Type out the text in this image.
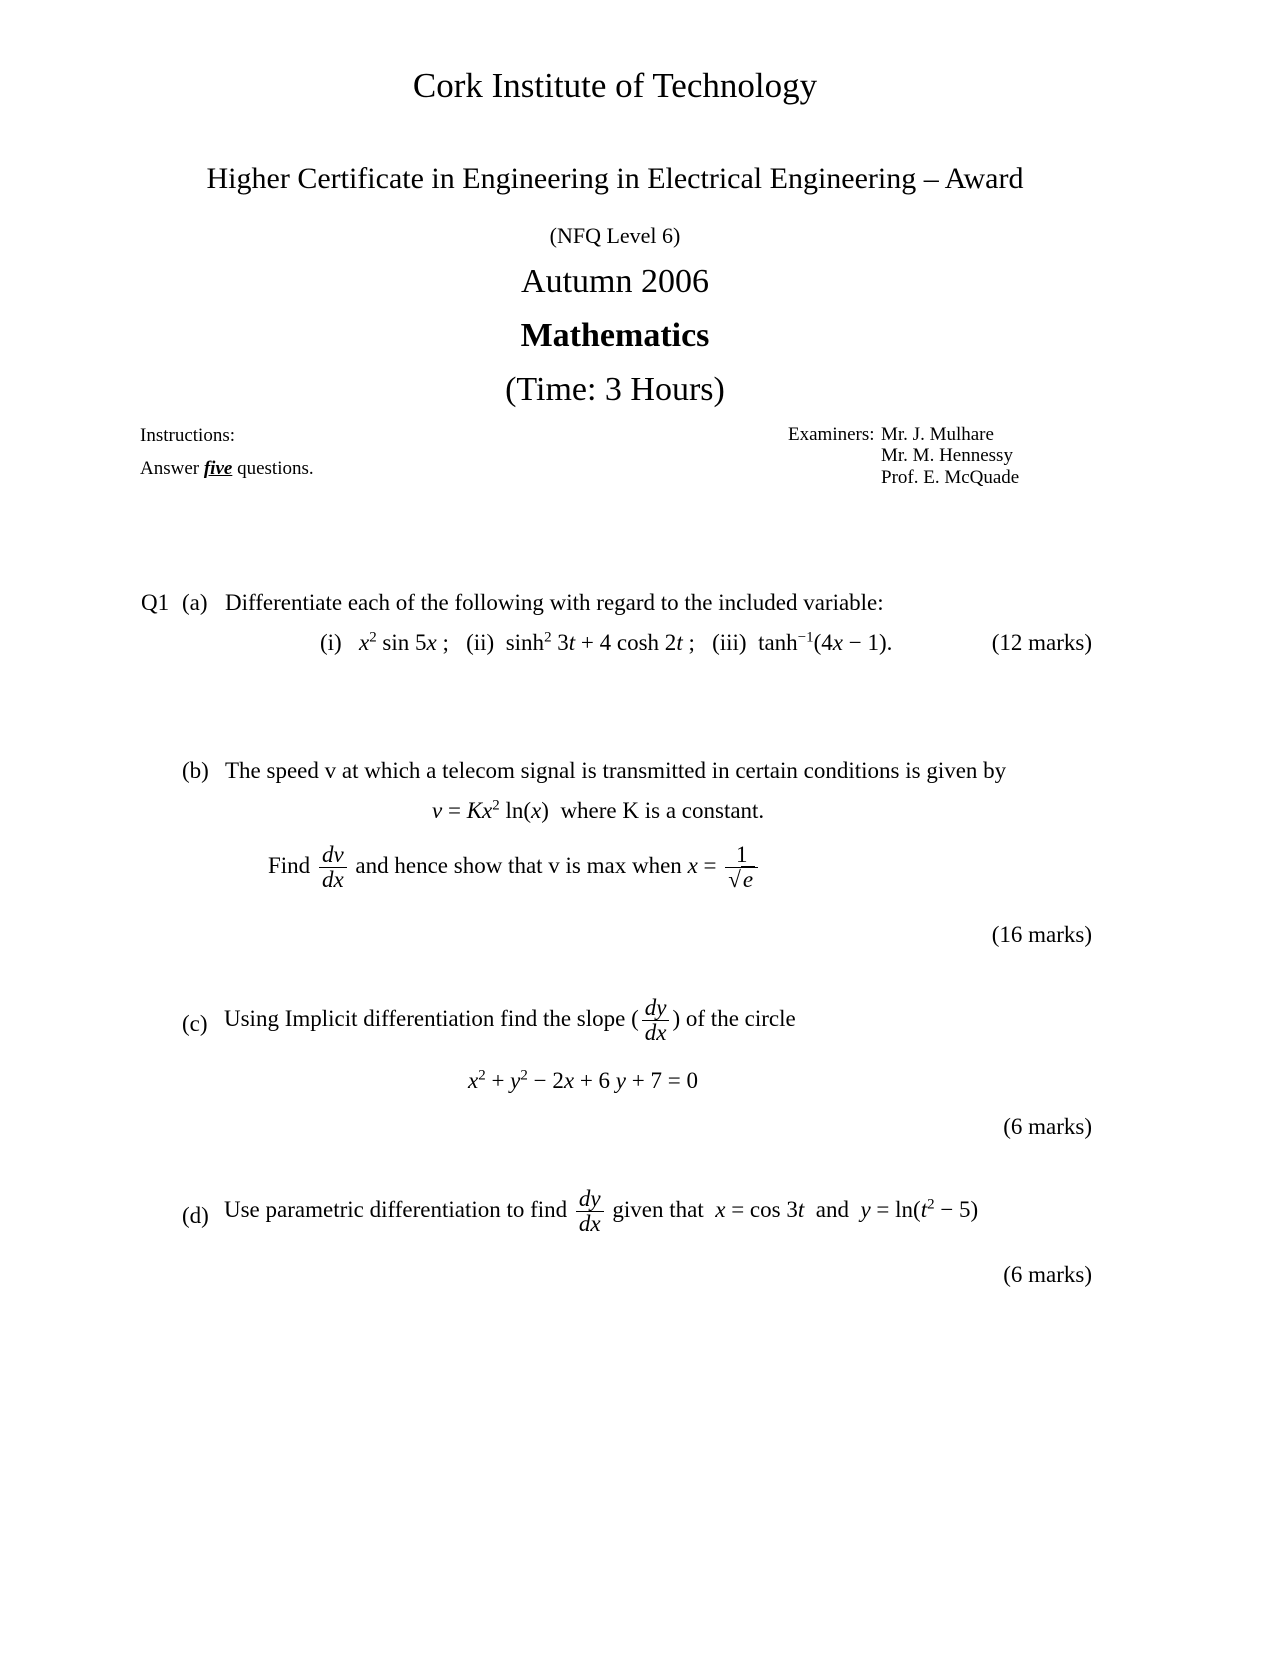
Cork Institute of Technology
Higher Certificate in Engineering in Electrical Engineering – Award
(NFQ Level 6)
Autumn 2006
Mathematics
(Time: 3 Hours)
Instructions:
Answer five questions.
Examiners: Mr. J. Mulhare
Mr. M. Hennessy
Prof. E. McQuade
Q1 (a) Differentiate each of the following with regard to the included variable:
(i)   $x^2$ sin 5x ;   (ii)  $\sinh^2 3t + 4$ cosh 2t ;   (iii)  $\tanh^{-1}(4x - 1)$.	(12 marks)
(b) The speed v at which a telecom signal is transmitted in certain conditions is given by
$v = Kx^2$ ln(x)  where K is a constant.
Find $\frac{dv}{dx}$ and hence show that v is max when $x = \frac{1}{√e}$
(16 marks)
(c) Using Implicit differentiation find the slope ( $\frac{dy}{dx}$ ) of the circle
$x^2 + y^2 - 2x + 6$ y + 7 = 0
(6 marks)
(d) Use parametric differentiation to find $\frac{dy}{dx}$ given that x = cos 3t and $y = \ln(t^2 - 5)$
(6 marks)
